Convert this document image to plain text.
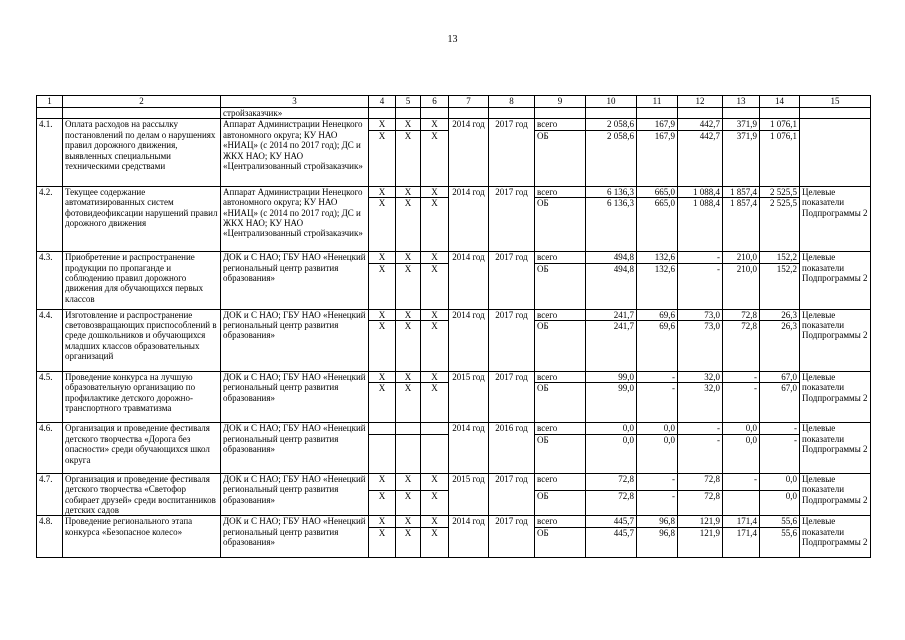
13
1	2	3	4	5	6	7	8	9	10	11	12	13	14	15
		стройзаказчик»												
4.1.	Оплата расходов на рассылку постановлений по делам о нарушениях правил дорожного движения, выявленных специальными техническими средствами	Аппарат Администрации Ненецкого автономного округа; КУ НАО «НИАЦ» (с 2014 по 2017 год); ДС и ЖКХ НАО; КУ НАО «Централизованный стройзаказчик»	Х	Х	Х	2014 год	2017 год	всего	2 058,6	167,9	442,7	371,9	1 076,1	
			Х	Х	Х			ОБ	2 058,6	167,9	442,7	371,9	1 076,1	
4.2.	Текущее содержание автоматизированных систем фотовидеофиксации нарушений правил дорожного движения	Аппарат Администрации Ненецкого автономного округа; КУ НАО «НИАЦ» (с 2014 по 2017 год); ДС и ЖКХ НАО; КУ НАО «Централизованный стройзаказчик»	Х	Х	Х	2014 год	2017 год	всего	6 136,3	665,0	1 088,4	1 857,4	2 525,5	Целевые показатели Подпрограммы 2
			Х	Х	Х			ОБ	6 136,3	665,0	1 088,4	1 857,4	2 525,5	
4.3.	Приобретение и распространение продукции по пропаганде и соблюдению правил дорожного движения для обучающихся первых классов	ДОК и С НАО; ГБУ НАО «Ненецкий региональный центр развития образования»	Х	Х	Х	2014 год	2017 год	всего	494,8	132,6	-	210,0	152,2	Целевые показатели Подпрограммы 2
			Х	Х	Х			ОБ	494,8	132,6	-	210,0	152,2	
4.4.	Изготовление и распространение световозвращающих приспособлений в среде дошкольников и обучающихся младших классов образовательных организаций	ДОК и С НАО; ГБУ НАО «Ненецкий региональный центр развития образования»	Х	Х	Х	2014 год	2017 год	всего	241,7	69,6	73,0	72,8	26,3	Целевые показатели Подпрограммы 2
			Х	Х	Х			ОБ	241,7	69,6	73,0	72,8	26,3	
4.5.	Проведение конкурса на лучшую образовательную организацию по профилактике детского дорожно-транспортного травматизма	ДОК и С НАО; ГБУ НАО «Ненецкий региональный центр развития образования»	Х	Х	Х	2015 год	2017 год	всего	99,0	-	32,0	-	67,0	Целевые показатели Подпрограммы 2
			Х	Х	Х			ОБ	99,0	-	32,0	-	67,0	
4.6.	Организация и проведение фестиваля детского творчества «Дорога без опасности» среди обучающихся школ округа	ДОК и С НАО; ГБУ НАО «Ненецкий региональный центр развития образования»				2014 год	2016 год	всего	0,0	0,0	-	0,0	-	Целевые показатели Подпрограммы 2
								ОБ	0,0	0,0	-	0,0	-	
4.7.	Организация и проведение фестиваля детского творчества «Светофор собирает друзей» среди воспитанников детских садов	ДОК и С НАО; ГБУ НАО «Ненецкий региональный центр развития образования»	Х	Х	Х	2015 год	2017 год	всего	72,8	-	72,8	-	0,0	Целевые показатели Подпрограммы 2
			Х	Х	Х			ОБ	72,8	-	72,8		0,0	
4.8.	Проведение регионального этапа конкурса «Безопасное колесо»	ДОК и С НАО; ГБУ НАО «Ненецкий региональный центр развития образования»	Х	Х	Х	2014 год	2017 год	всего	445,7	96,8	121,9	171,4	55,6	Целевые показатели Подпрограммы 2
			Х	Х	Х			ОБ	445,7	96,8	121,9	171,4	55,6	
